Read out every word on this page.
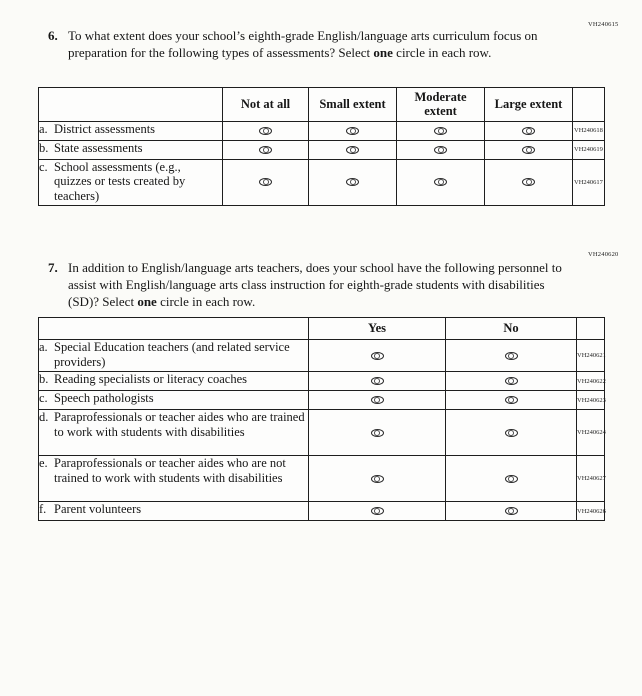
VH240615
6. To what extent does your school’s eighth-grade English/language arts curriculum focus on preparation for the following types of assessments? Select one circle in each row.
	Not at all	Small extent	Moderate extent	Large extent	

a. District assessments					VH240618

b. State assessments					VH240619

c. School assessments (e.g., quizzes or tests created by teachers)					VH240617
VH240620
7. In addition to English/language arts teachers, does your school have the following personnel to assist with English/language arts class instruction for eighth-grade students with disabilities (SD)? Select one circle in each row.
	Yes	No	

a. Special Education teachers (and related service providers)			VH240621

b. Reading specialists or literacy coaches			VH240622

c. Speech pathologists			VH240623

d. Paraprofessionals or teacher aides who are trained to work with students with disabilities			VH240624

e. Paraprofessionals or teacher aides who are not trained to work with students with disabilities			VH240627

f. Parent volunteers			VH240626
